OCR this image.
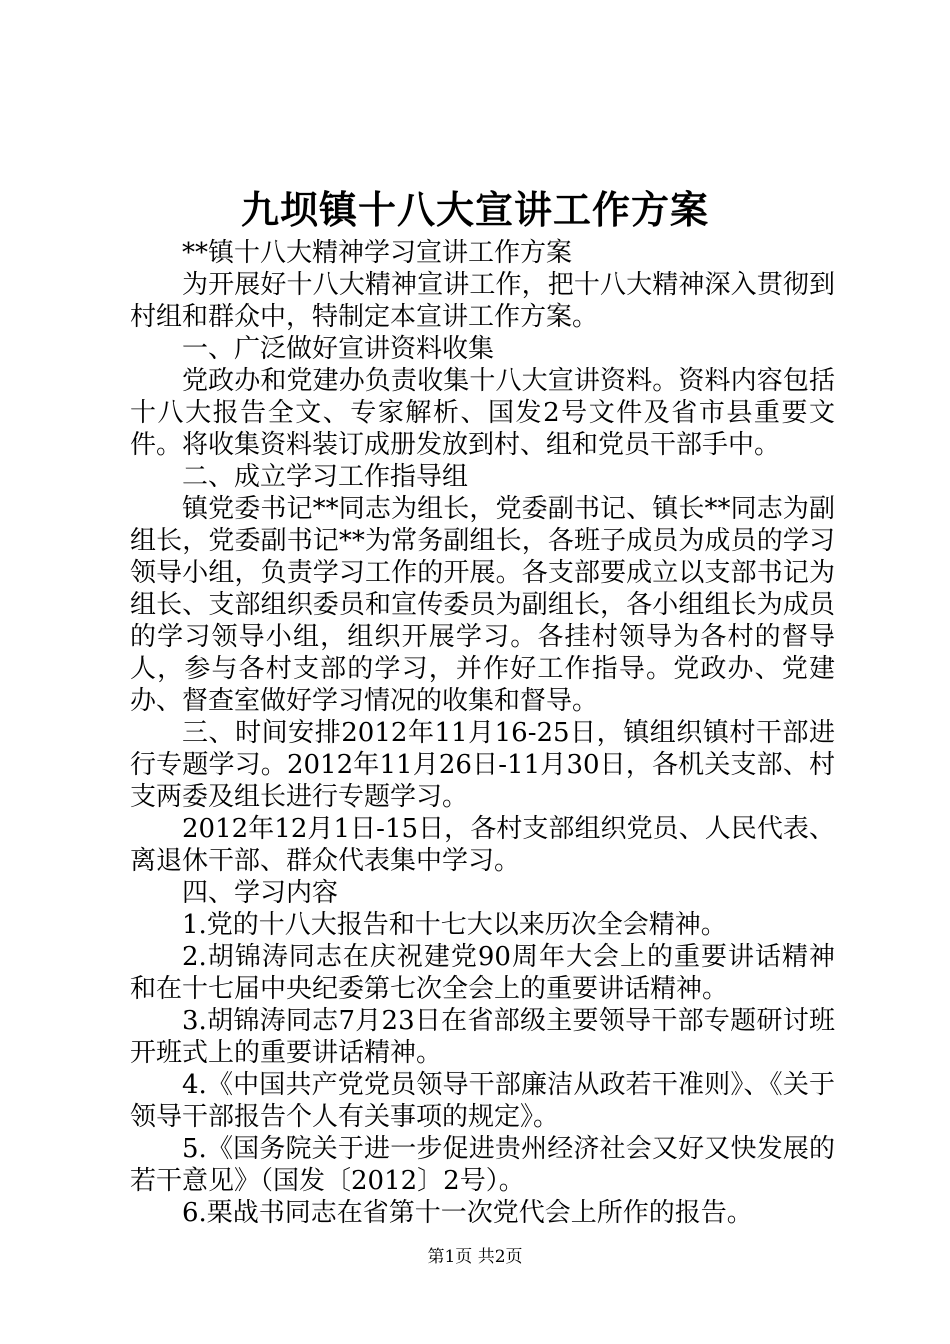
九坝镇十八大宣讲工作方案

**镇十八大精神学习宣讲工作方案

为开展好十八大精神宣讲工作，把十八大精神深入贯彻到村组和群众中，特制定本宣讲工作方案。

一、广泛做好宣讲资料收集

党政办和党建办负责收集十八大宣讲资料。资料内容包括十八大报告全文、专家解析、国发2号文件及省市县重要文件。将收集资料装订成册发放到村、组和党员干部手中。

二、成立学习工作指导组

镇党委书记**同志为组长，党委副书记、镇长**同志为副组长，党委副书记**为常务副组长，各班子成员为成员的学习领导小组，负责学习工作的开展。各支部要成立以支部书记为组长、支部组织委员和宣传委员为副组长，各小组组长为成员的学习领导小组，组织开展学习。各挂村领导为各村的督导人，参与各村支部的学习，并作好工作指导。党政办、党建办、督查室做好学习情况的收集和督导。

三、时间安排2012年11月16-25日，镇组织镇村干部进行专题学习。2012年11月26日-11月30日，各机关支部、村支两委及组长进行专题学习。

2012年12月1日-15日，各村支部组织党员、人民代表、离退休干部、群众代表集中学习。

四、学习内容

1.党的十八大报告和十七大以来历次全会精神。

2.胡锦涛同志在庆祝建党90周年大会上的重要讲话精神和在十七届中央纪委第七次全会上的重要讲话精神。

3.胡锦涛同志7月23日在省部级主要领导干部专题研讨班开班式上的重要讲话精神。

4.《中国共产党党员领导干部廉洁从政若干准则》、《关于领导干部报告个人有关事项的规定》。

5.《国务院关于进一步促进贵州经济社会又好又快发展的若干意见》（国发〔2012〕2号）。

6.栗战书同志在省第十一次党代会上所作的报告。

第1页 共2页
